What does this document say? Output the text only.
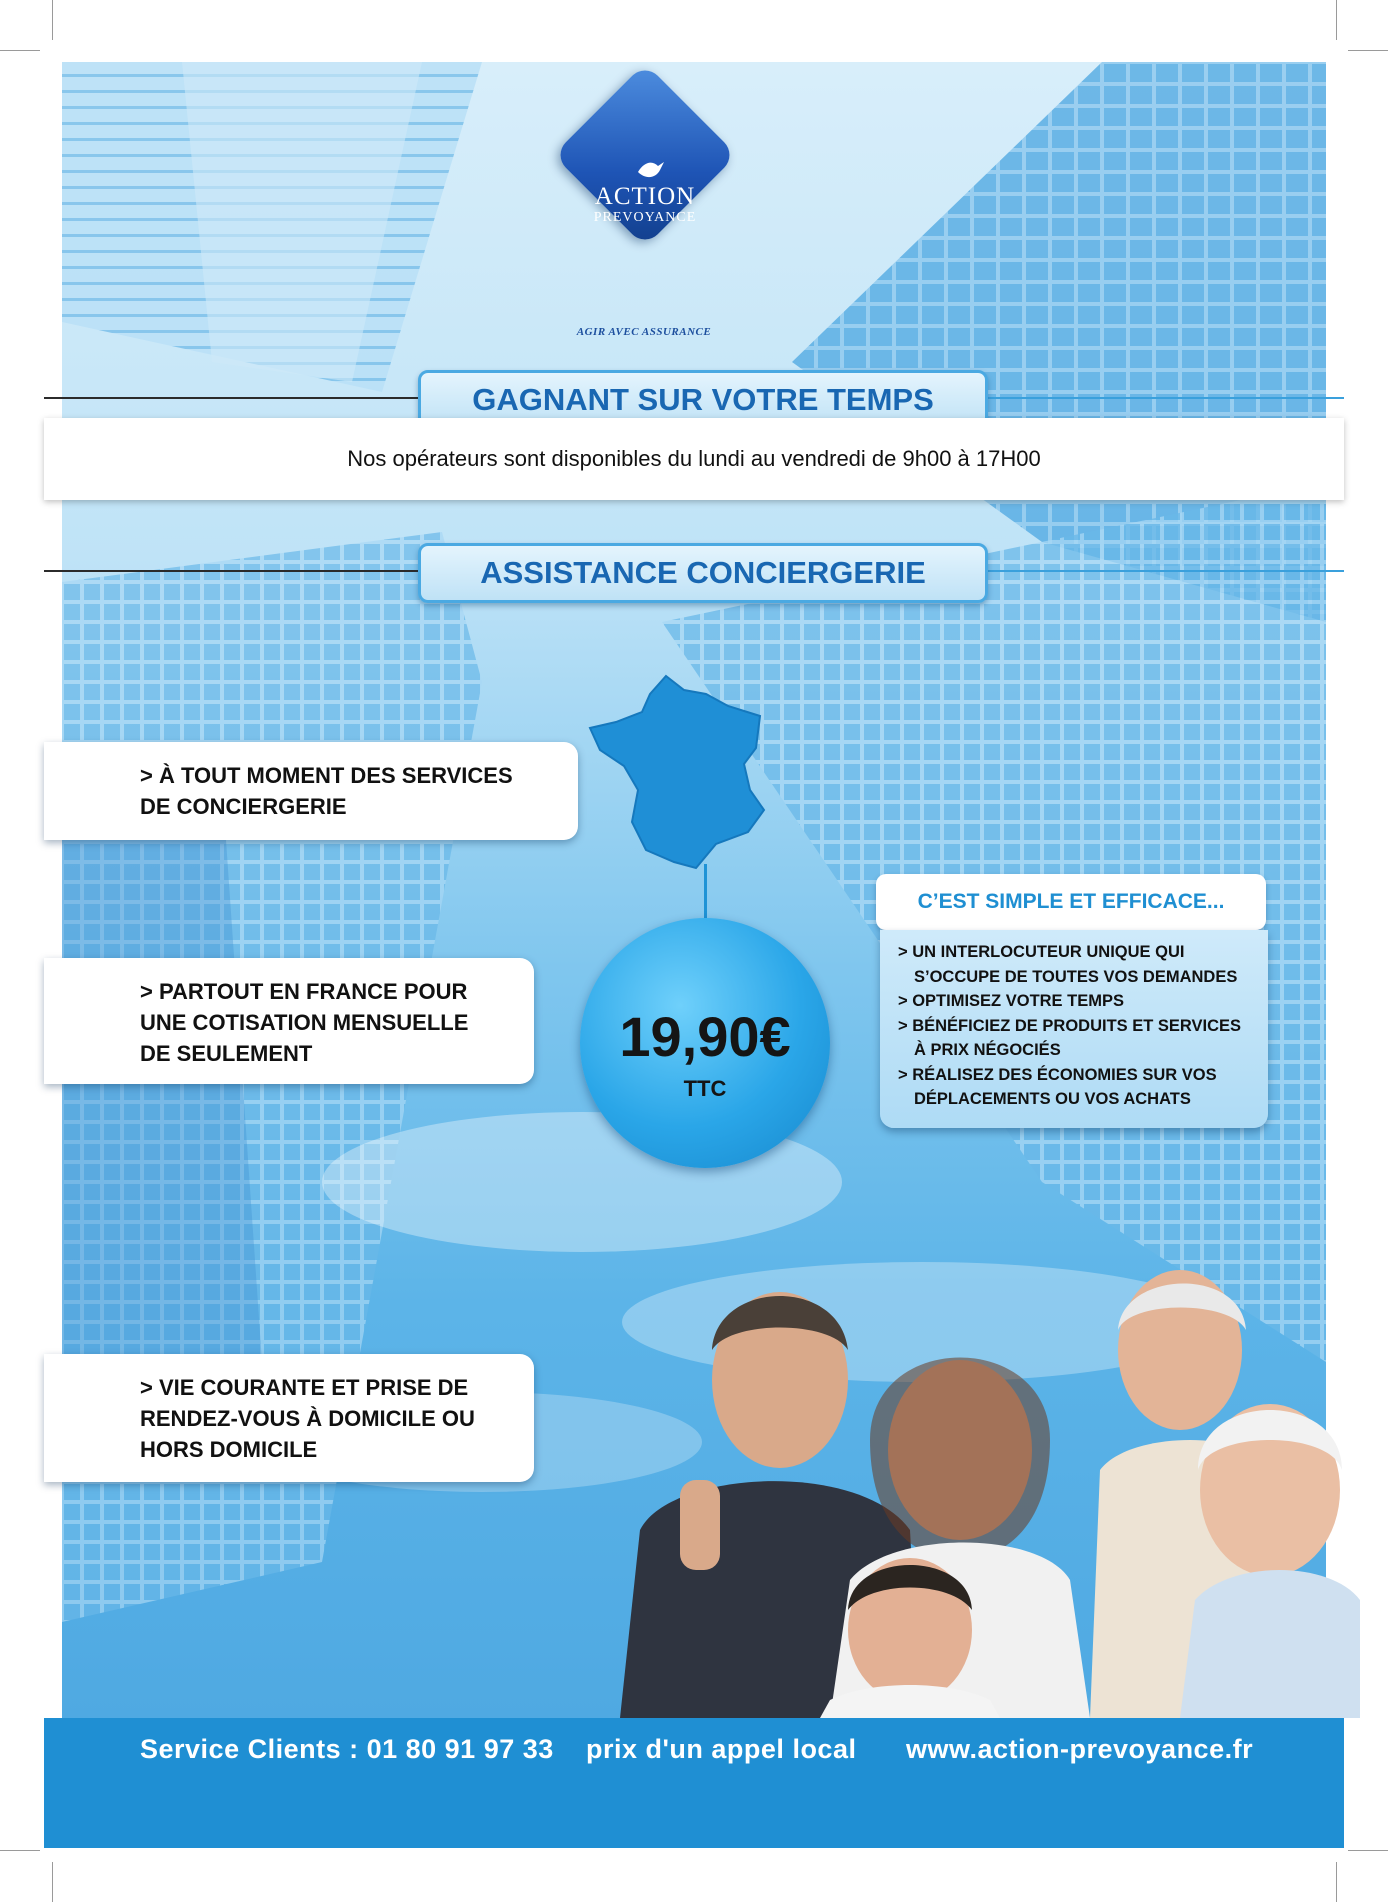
ACTION
PREVOYANCE
AGIR AVEC ASSURANCE
GAGNANT SUR VOTRE TEMPS
Nos opérateurs sont disponibles du lundi au vendredi de 9h00 à 17H00
ASSISTANCE CONCIERGERIE
> À TOUT MOMENT DES SERVICES
DE CONCIERGERIE
> PARTOUT EN FRANCE POUR
UNE COTISATION MENSUELLE
DE SEULEMENT
> VIE COURANTE ET PRISE DE
RENDEZ-VOUS À DOMICILE OU
HORS DOMICILE
19,90€
TTC
C’EST SIMPLE ET EFFICACE...
> UN INTERLOCUTEUR UNIQUE QUI
S’OCCUPE DE TOUTES VOS DEMANDES
> OPTIMISEZ VOTRE TEMPS
> BÉNÉFICIEZ DE PRODUITS ET SERVICES
À PRIX NÉGOCIÉS
> RÉALISEZ DES ÉCONOMIES SUR VOS
DÉPLACEMENTS OU VOS ACHATS
Service Clients : 01 80 91 97 33 prix d'un appel local www.action-prevoyance.fr
